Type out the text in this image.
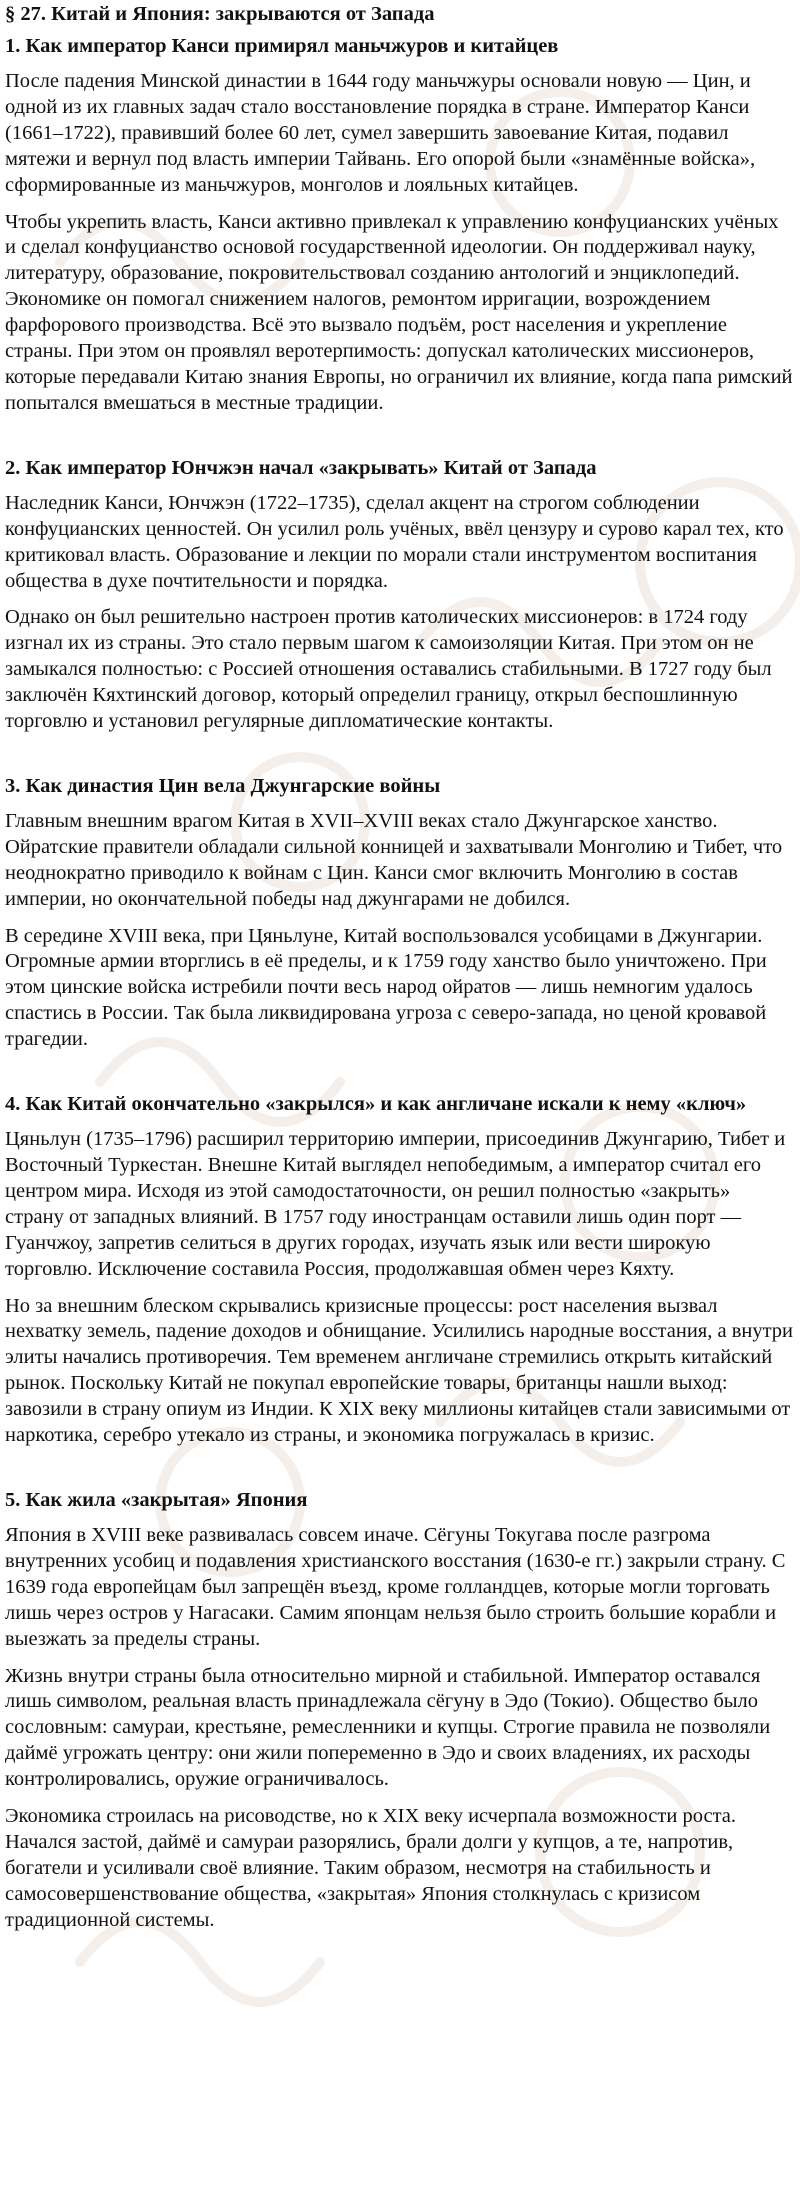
§ 27. Китай и Япония: закрываются от Запада
1. Как император Канси примирял маньчжуров и китайцев

После падения Минской династии в 1644 году маньчжуры основали новую — Цин, и одной из их главных задач стало восстановление порядка в стране. Император Канси (1661–1722), правивший более 60 лет, сумел завершить завоевание Китая, подавил мятежи и вернул под власть империи Тайвань. Его опорой были «знамённые войска», сформированные из маньчжуров, монголов и лояльных китайцев.

Чтобы укрепить власть, Канси активно привлекал к управлению конфуцианских учёных и сделал конфуцианство основой государственной идеологии. Он поддерживал науку, литературу, образование, покровительствовал созданию антологий и энциклопедий. Экономике он помогал снижением налогов, ремонтом ирригации, возрождением фарфорового производства. Всё это вызвало подъём, рост населения и укрепление страны. При этом он проявлял веротерпимость: допускал католических миссионеров, которые передавали Китаю знания Европы, но ограничил их влияние, когда папа римский попытался вмешаться в местные традиции.

2. Как император Юнчжэн начал «закрывать» Китай от Запада

Наследник Канси, Юнчжэн (1722–1735), сделал акцент на строгом соблюдении конфуцианских ценностей. Он усилил роль учёных, ввёл цензуру и сурово карал тех, кто критиковал власть. Образование и лекции по морали стали инструментом воспитания общества в духе почтительности и порядка.

Однако он был решительно настроен против католических миссионеров: в 1724 году изгнал их из страны. Это стало первым шагом к самоизоляции Китая. При этом он не замыкался полностью: с Россией отношения оставались стабильными. В 1727 году был заключён Кяхтинский договор, который определил границу, открыл беспошлинную торговлю и установил регулярные дипломатические контакты.

3. Как династия Цин вела Джунгарские войны

Главным внешним врагом Китая в XVII–XVIII веках стало Джунгарское ханство. Ойратские правители обладали сильной конницей и захватывали Монголию и Тибет, что неоднократно приводило к войнам с Цин. Канси смог включить Монголию в состав империи, но окончательной победы над джунгарами не добился.

В середине XVIII века, при Цяньлуне, Китай воспользовался усобицами в Джунгарии. Огромные армии вторглись в её пределы, и к 1759 году ханство было уничтожено. При этом цинские войска истребили почти весь народ ойратов — лишь немногим удалось спастись в России. Так была ликвидирована угроза с северо-запада, но ценой кровавой трагедии.

4. Как Китай окончательно «закрылся» и как англичане искали к нему «ключ»

Цяньлун (1735–1796) расширил территорию империи, присоединив Джунгарию, Тибет и Восточный Туркестан. Внешне Китай выглядел непобедимым, а император считал его центром мира. Исходя из этой самодостаточности, он решил полностью «закрыть» страну от западных влияний. В 1757 году иностранцам оставили лишь один порт — Гуанчжоу, запретив селиться в других городах, изучать язык или вести широкую торговлю. Исключение составила Россия, продолжавшая обмен через Кяхту.

Но за внешним блеском скрывались кризисные процессы: рост населения вызвал нехватку земель, падение доходов и обнищание. Усилились народные восстания, а внутри элиты начались противоречия. Тем временем англичане стремились открыть китайский рынок. Поскольку Китай не покупал европейские товары, британцы нашли выход: завозили в страну опиум из Индии. К XIX веку миллионы китайцев стали зависимыми от наркотика, серебро утекало из страны, и экономика погружалась в кризис.

5. Как жила «закрытая» Япония

Япония в XVIII веке развивалась совсем иначе. Сёгуны Токугава после разгрома внутренних усобиц и подавления христианского восстания (1630-е гг.) закрыли страну. С 1639 года европейцам был запрещён въезд, кроме голландцев, которые могли торговать лишь через остров у Нагасаки. Самим японцам нельзя было строить большие корабли и выезжать за пределы страны.

Жизнь внутри страны была относительно мирной и стабильной. Император оставался лишь символом, реальная власть принадлежала сёгуну в Эдо (Токио). Общество было сословным: самураи, крестьяне, ремесленники и купцы. Строгие правила не позволяли даймё угрожать центру: они жили попеременно в Эдо и своих владениях, их расходы контролировались, оружие ограничивалось.

Экономика строилась на рисоводстве, но к XIX веку исчерпала возможности роста. Начался застой, даймё и самураи разорялись, брали долги у купцов, а те, напротив, богатели и усиливали своё влияние. Таким образом, несмотря на стабильность и самосовершенствование общества, «закрытая» Япония столкнулась с кризисом традиционной системы.
